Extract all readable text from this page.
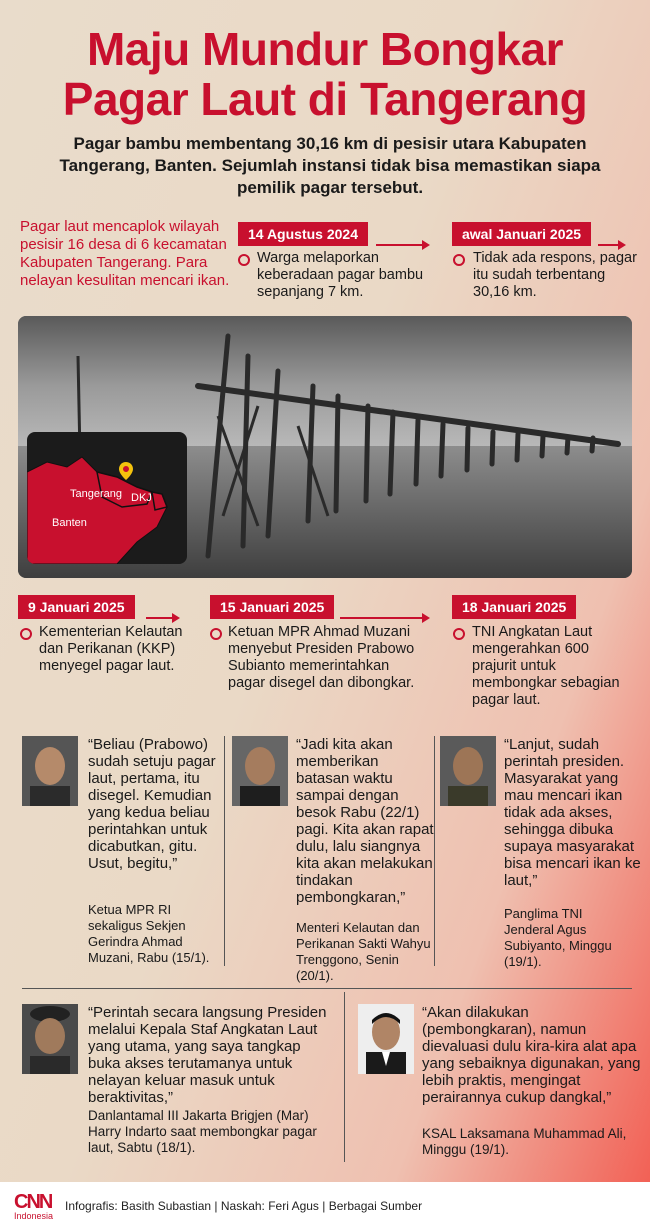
Maju Mundur Bongkar
Pagar Laut di Tangerang
Pagar bambu membentang 30,16 km di pesisir utara Kabupaten Tangerang, Banten. Sejumlah instansi tidak bisa memastikan siapa pemilik pagar tersebut.
Pagar laut mencaplok wilayah pesisir 16 desa di 6 kecamatan Kabupaten Tangerang. Para nelayan kesulitan mencari ikan.
14 Agustus 2024
Warga melaporkan keberadaan pagar bambu sepanjang 7 km.
awal Januari 2025
Tidak ada respons, pagar itu sudah terbentang 30,16 km.
Tangerang DKJ
Banten
9 Januari 2025
Kementerian Kelautan dan Perikanan (KKP) menyegel pagar laut.
15 Januari 2025
Ketuan MPR Ahmad Muzani menyebut Presiden Prabowo Subianto memerintahkan pagar disegel dan dibongkar.
18 Januari 2025
TNI Angkatan Laut mengerahkan 600 prajurit untuk membongkar sebagian pagar laut.
“Beliau (Prabowo) sudah setuju pagar laut, pertama, itu disegel. Kemudian yang kedua beliau perintahkan untuk dicabutkan, gitu. Usut, begitu,”
Ketua MPR RI sekaligus Sekjen Gerindra Ahmad Muzani, Rabu (15/1).
“Jadi kita akan memberikan batasan waktu sampai dengan besok Rabu (22/1) pagi. Kita akan rapat dulu, lalu siangnya kita akan melakukan tindakan pembongkaran,”
Menteri Kelautan dan Perikanan Sakti Wahyu Trenggono, Senin (20/1).
“Lanjut, sudah perintah presiden. Masyarakat yang mau mencari ikan tidak ada akses, sehingga dibuka supaya masyarakat bisa mencari ikan ke laut,”
Panglima TNI Jenderal Agus Subiyanto, Minggu (19/1).
“Perintah secara langsung Presiden melalui Kepala Staf Angkatan Laut yang utama, yang saya tangkap buka akses terutamanya untuk nelayan keluar masuk untuk beraktivitas,”
Danlantamal III Jakarta Brigjen (Mar) Harry Indarto saat membongkar pagar laut, Sabtu (18/1).
“Akan dilakukan (pembongkaran), namun dievaluasi dulu kira-kira alat apa yang sebaiknya digunakan, yang lebih praktis, mengingat perairannya cukup dangkal,”
KSAL Laksamana Muhammad Ali, Minggu (19/1).
CNN
Indonesia
Infografis: Basith Subastian | Naskah: Feri Agus | Berbagai Sumber
